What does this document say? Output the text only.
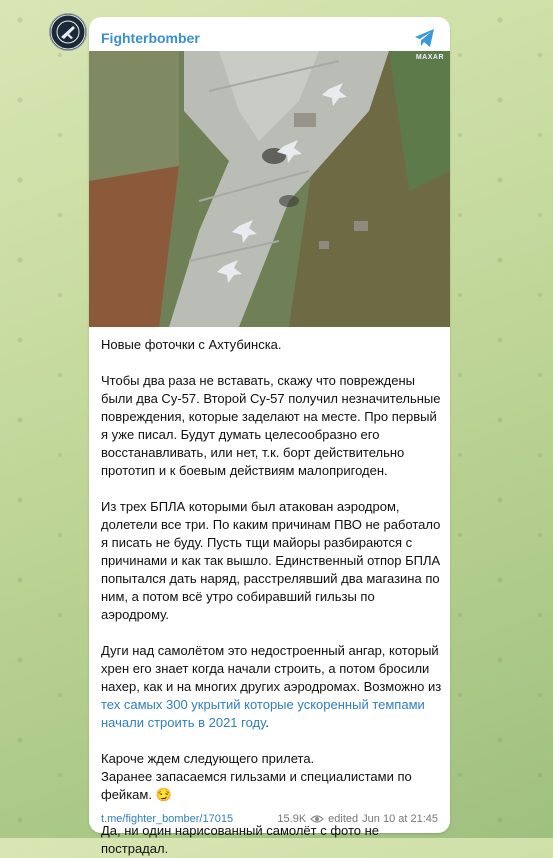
Fighterbomber
MAXAR

Новые фоточки с Ахтубинска.

Чтобы два раза не вставать, скажу что повреждены были два Су-57. Второй Су-57 получил незначительные повреждения, которые заделают на месте. Про первый я уже писал. Будут думать целесообразно его восстанавливать, или нет, т.к. борт действительно прототип и к боевым действиям малопригоден.

Из трех БПЛА которыми был атакован аэродром, долетели все три. По каким причинам ПВО не работало я писать не буду. Пусть тщи майоры разбираются с причинами и как так вышло. Единственный отпор БПЛА попытался дать наряд, расстрелявший два магазина по ним, а потом всё утро собиравший гильзы по аэродрому.

Дуги над самолётом это недостроенный ангар, который хрен его знает когда начали строить, а потом бросили нахер, как и на многих других аэродромах. Возможно из тех самых 300 укрытий которые ускоренный темпами начали строить в 2021 году.

Кароче ждем следующего прилета.
Заранее запасаемся гильзами и специалистами по фейкам. 😏

Да, ни один нарисованный самолёт с фото не пострадал.

t.me/fighter_bomber/17015	15.9K edited Jun 10 at 21:45
